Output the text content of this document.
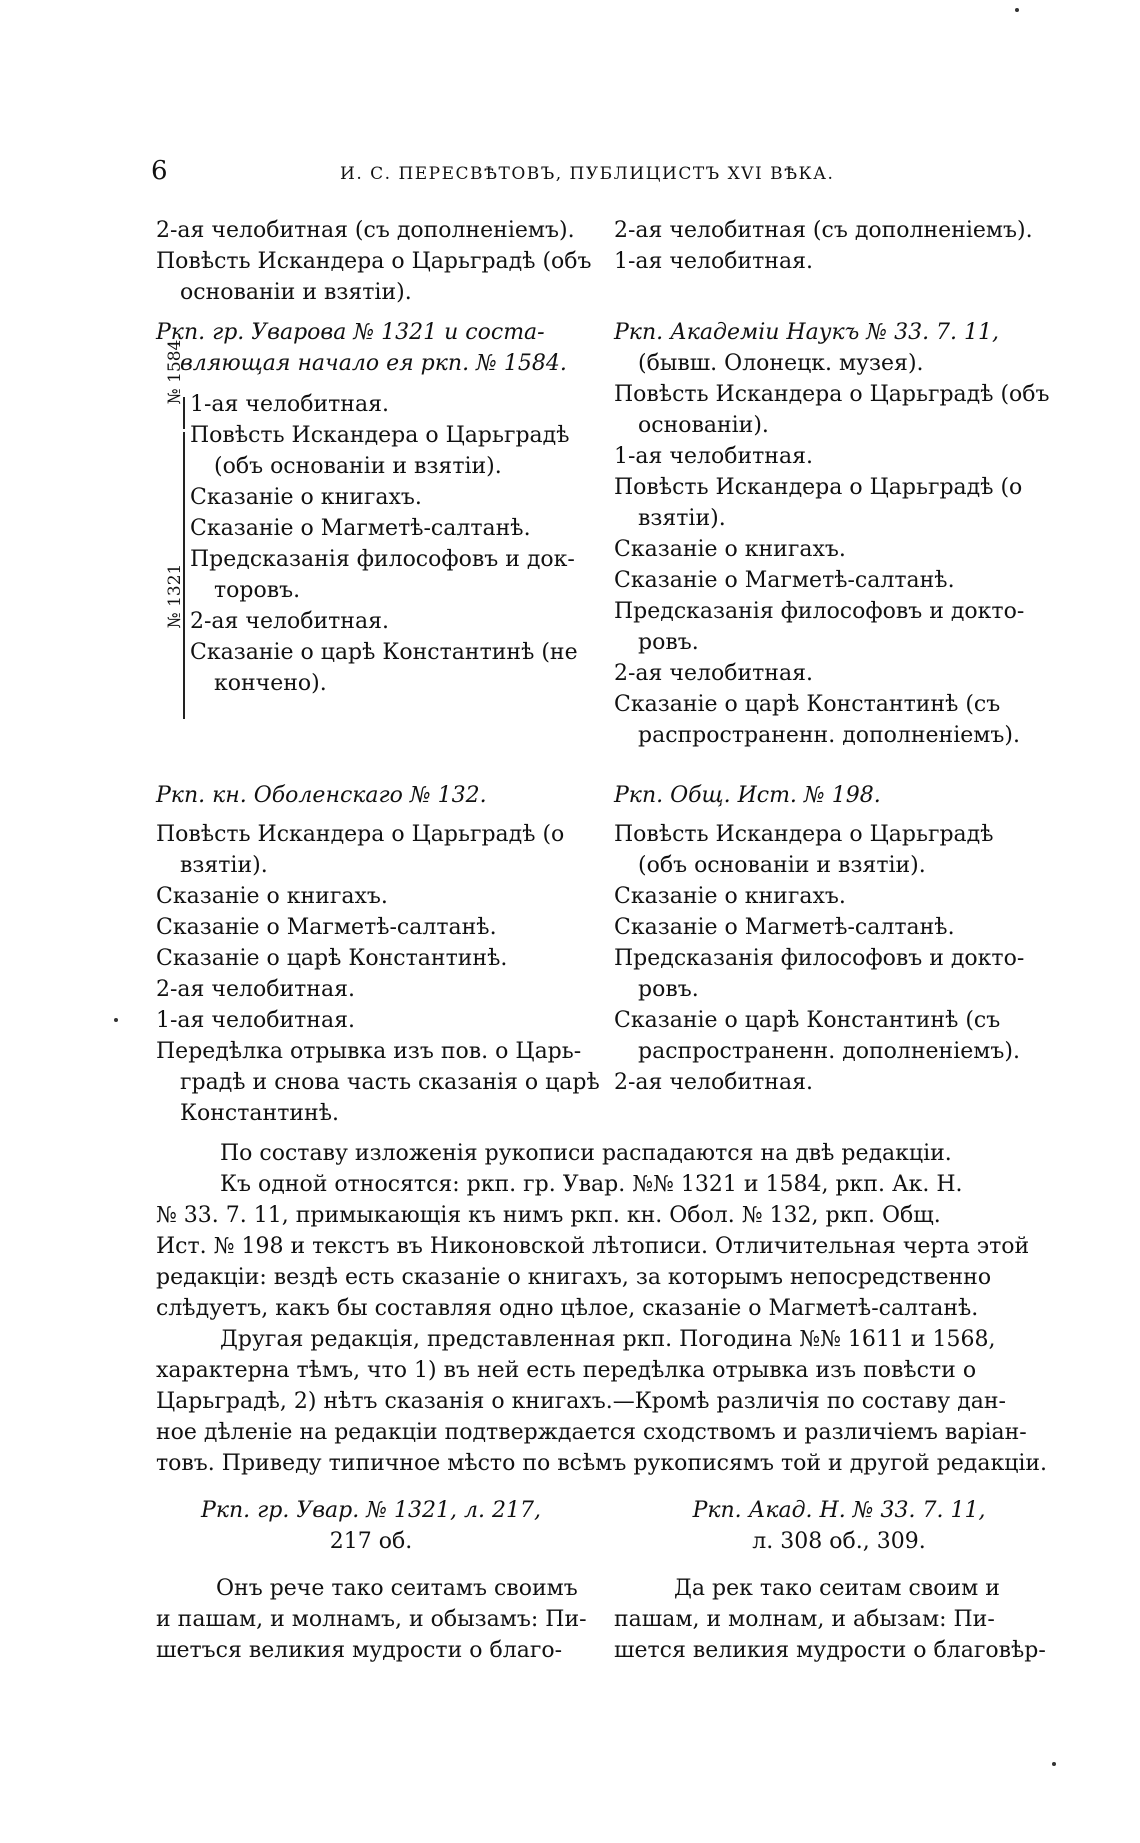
6	И. С. ПЕРЕСВѢТОВЪ, ПУБЛИЦИСТЪ XVI ВѢКА.
2-ая челобитная (съ дополненіемъ).
Повѣсть Искандера о Царьградѣ (объ
основаніи и взятіи).
Ркп. гр. Уварова № 1321 и соста-
вляющая начало ея ркп. № 1584.
№ 1584
№ 1321
1-ая челобитная.
Повѣсть Искандера о Царьградѣ
(объ основаніи и взятіи).
Сказаніе о книгахъ.
Сказаніе о Магметѣ-салтанѣ.
Предсказанія философовъ и док-
торовъ.
2-ая челобитная.
Сказаніе о царѣ Константинѣ (не
кончено).
Ркп. кн. Оболенскаго № 132.
Повѣсть Искандера о Царьградѣ (о
взятіи).
Сказаніе о книгахъ.
Сказаніе о Магметѣ-салтанѣ.
Сказаніе о царѣ Константинѣ.
2-ая челобитная.
1-ая челобитная.
Передѣлка отрывка изъ пов. о Царь-
градѣ и снова часть сказанія о царѣ
Константинѣ.
2-ая челобитная (съ дополненіемъ).
1-ая челобитная.
Ркп. Академіи Наукъ № 33. 7. 11,
(бывш. Олонецк. музея).
Повѣсть Искандера о Царьградѣ (объ
основаніи).
1-ая челобитная.
Повѣсть Искандера о Царьградѣ (о
взятіи).
Сказаніе о книгахъ.
Сказаніе о Магметѣ-салтанѣ.
Предсказанія философовъ и докто-
ровъ.
2-ая челобитная.
Сказаніе о царѣ Константинѣ (съ
распространенн. дополненіемъ).
Ркп. Общ. Ист. № 198.
Повѣсть Искандера о Царьградѣ
(объ основаніи и взятіи).
Сказаніе о книгахъ.
Сказаніе о Магметѣ-салтанѣ.
Предсказанія философовъ и докто-
ровъ.
Сказаніе о царѣ Константинѣ (съ
распространенн. дополненіемъ).
2-ая челобитная.
По составу изложенія рукописи распадаются на двѣ редакціи.
Къ одной относятся: ркп. гр. Увар. №№ 1321 и 1584, ркп. Ак. Н.
№ 33. 7. 11, примыкающія къ нимъ ркп. кн. Обол. № 132, ркп. Общ.
Ист. № 198 и текстъ въ Никоновской лѣтописи. Отличительная черта этой
редакціи: вездѣ есть сказаніе о книгахъ, за которымъ непосредственно
слѣдуетъ, какъ бы составляя одно цѣлое, сказаніе о Магметѣ-салтанѣ.
Другая редакція, представленная ркп. Погодина №№ 1611 и 1568,
характерна тѣмъ, что 1) въ ней есть передѣлка отрывка изъ повѣсти о
Царьградѣ, 2) нѣтъ сказанія о книгахъ.—Кромѣ различія по составу дан-
ное дѣленіе на редакціи подтверждается сходствомъ и различіемъ варіан-
товъ. Приведу типичное мѣсто по всѣмъ рукописямъ той и другой редакціи.
Ркп. гр. Увар. № 1321, л. 217,
217 об.
Онъ рече тако сеитамъ своимъ
и пашам, и молнамъ, и обызамъ: Пи-
шетъся великия мудрости о благо-
Ркп. Акад. Н. № 33. 7. 11,
л. 308 об., 309.
Да рек тако сеитам своим и
пашам, и молнам, и абызам: Пи-
шется великия мудрости о благовѣр-
